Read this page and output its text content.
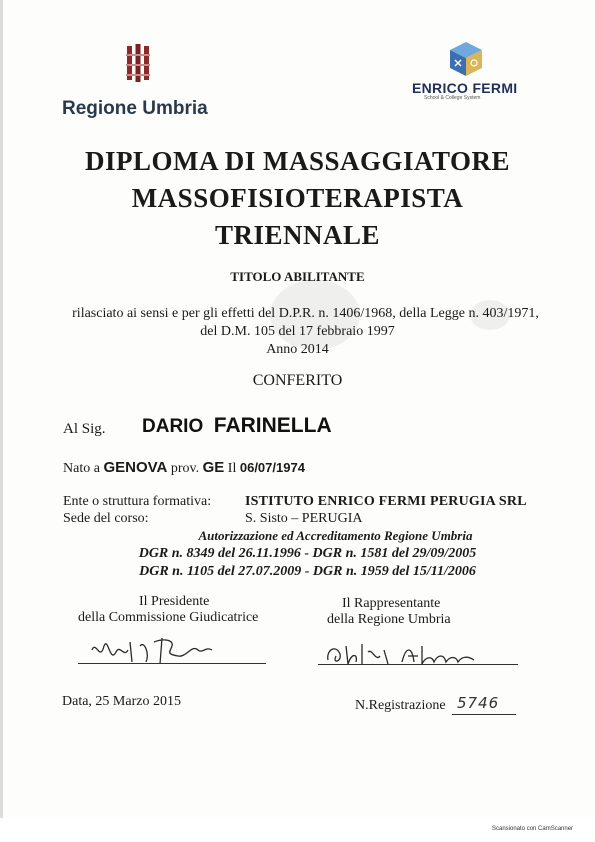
Regione Umbria
ENRICO FERMI
School & College System
DIPLOMA DI MASSAGGIATORE
MASSOFISIOTERAPISTA
TRIENNALE
TITOLO ABILITANTE
rilasciato ai sensi e per gli effetti del D.P.R. n. 1406/1968, della Legge n. 403/1971,
del D.M. 105 del 17 febbraio 1997
Anno 2014
CONFERITO
Al Sig. DARIO FARINELLA
Nato a GENOVA prov. GE Il 06/07/1974
Ente o struttura formativa: ISTITUTO ENRICO FERMI PERUGIA SRL
Sede del corso:	S. Sisto – PERUGIA
Autorizzazione ed Accreditamento Regione Umbria
DGR n. 8349 del 26.11.1996 - DGR n. 1581 del 29/09/2005
DGR n. 1105 del 27.07.2009 - DGR n. 1959 del 15/11/2006
Il Presidente
della Commissione Giudicatrice
Il Rappresentante
della Regione Umbria
Data, 25 Marzo 2015	N.Registrazione 5746
Scansionato con CamScanner
